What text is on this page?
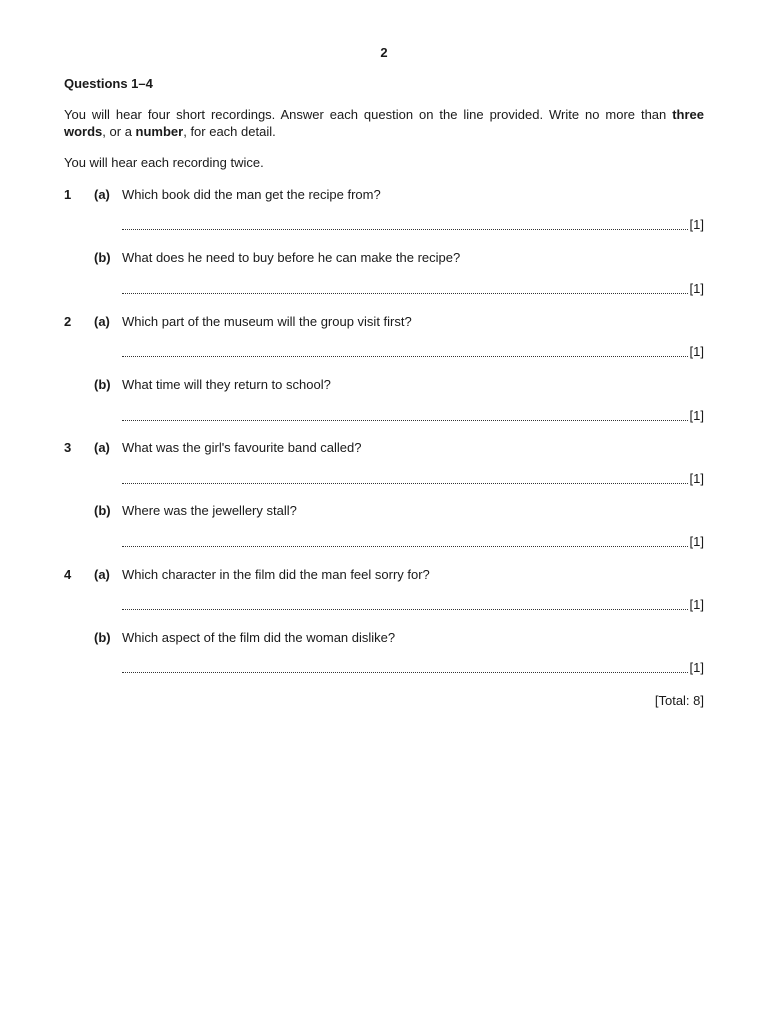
2
Questions 1–4
You will hear four short recordings. Answer each question on the line provided. Write no more than three words, or a number, for each detail.
You will hear each recording twice.
1 (a) Which book did the man get the recipe from?
[1]
(b) What does he need to buy before he can make the recipe?
[1]
2 (a) Which part of the museum will the group visit first?
[1]
(b) What time will they return to school?
[1]
3 (a) What was the girl's favourite band called?
[1]
(b) Where was the jewellery stall?
[1]
4 (a) Which character in the film did the man feel sorry for?
[1]
(b) Which aspect of the film did the woman dislike?
[1]
[Total: 8]
